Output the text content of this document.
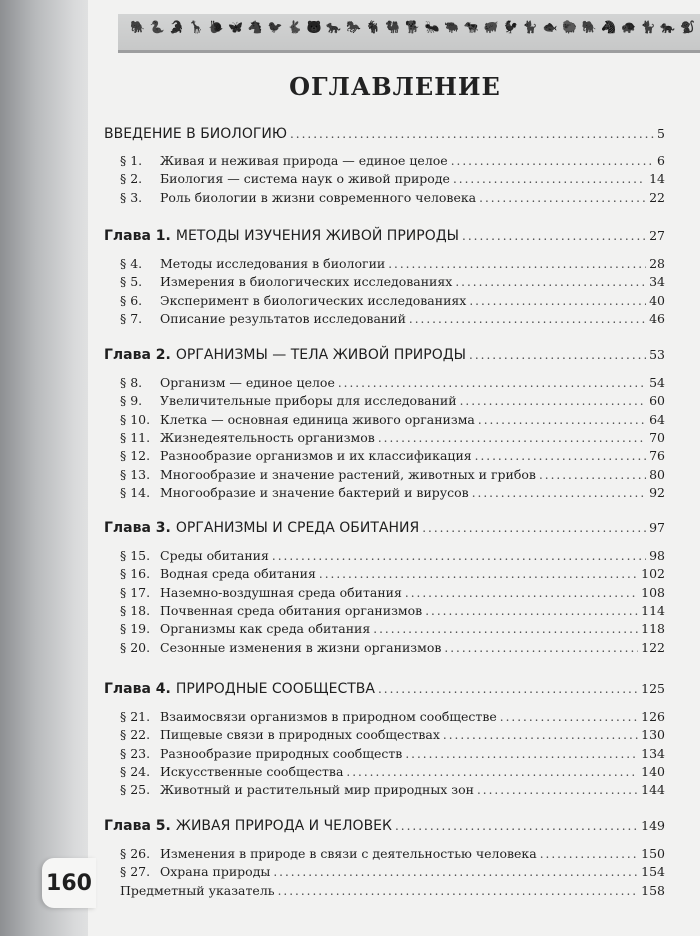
🐘 🐍 🐊 🦒 🐌 🦋 🐴 🐦 🐇 🐻 🐆 🐎 🐐 🐫 🐕 🐜 🐃 🐄 🐖 🐓 🐈 🐟 🐑 🐘 🦓 🐢 🐈 🐅 🐒
ОГЛАВЛЕНИЕ
ВВЕДЕНИЕ В БИОЛОГИЮ .....	5
§ 1.	Живая и неживая природа — единое целое .....	6
§ 2.	Биология — система наук о живой природе .....	14
§ 3.	Роль биологии в жизни современного человека .....	22
Глава 1. МЕТОДЫ ИЗУЧЕНИЯ ЖИВОЙ ПРИРОДЫ .....	27
§ 4.	Методы исследования в биологии .....	28
§ 5.	Измерения в биологических исследованиях .....	34
§ 6.	Эксперимент в биологических исследованиях .....	40
§ 7.	Описание результатов исследований .....	46
Глава 2. ОРГАНИЗМЫ — ТЕЛА ЖИВОЙ ПРИРОДЫ .....	53
§ 8.	Организм — единое целое .....	54
§ 9.	Увеличительные приборы для исследований .....	60
§ 10. Клетка — основная единица живого организма .....	64
§ 11. Жизнедеятельность организмов .....	70
§ 12. Разнообразие организмов и их классификация .....	76
§ 13. Многообразие и значение растений, животных и грибов .....	80
§ 14. Многообразие и значение бактерий и вирусов .....	92
Глава 3. ОРГАНИЗМЫ И СРЕДА ОБИТАНИЯ .....	97
§ 15. Среды обитания .....	98
§ 16. Водная среда обитания .....	102
§ 17. Наземно-воздушная среда обитания .....	108
§ 18. Почвенная среда обитания организмов .....	114
§ 19. Организмы как среда обитания .....	118
§ 20. Сезонные изменения в жизни организмов .....	122
Глава 4. ПРИРОДНЫЕ СООБЩЕСТВА .....	125
§ 21. Взаимосвязи организмов в природном сообществе .....	126
§ 22. Пищевые связи в природных сообществах .....	130
§ 23. Разнообразие природных сообществ .....	134
§ 24. Искусственные сообщества .....	140
§ 25. Животный и растительный мир природных зон .....	144
Глава 5. ЖИВАЯ ПРИРОДА И ЧЕЛОВЕК .....	149
§ 26. Изменения в природе в связи с деятельностью человека .....	150
§ 27. Охрана природы .....	154
Предметный указатель .....	158
160
